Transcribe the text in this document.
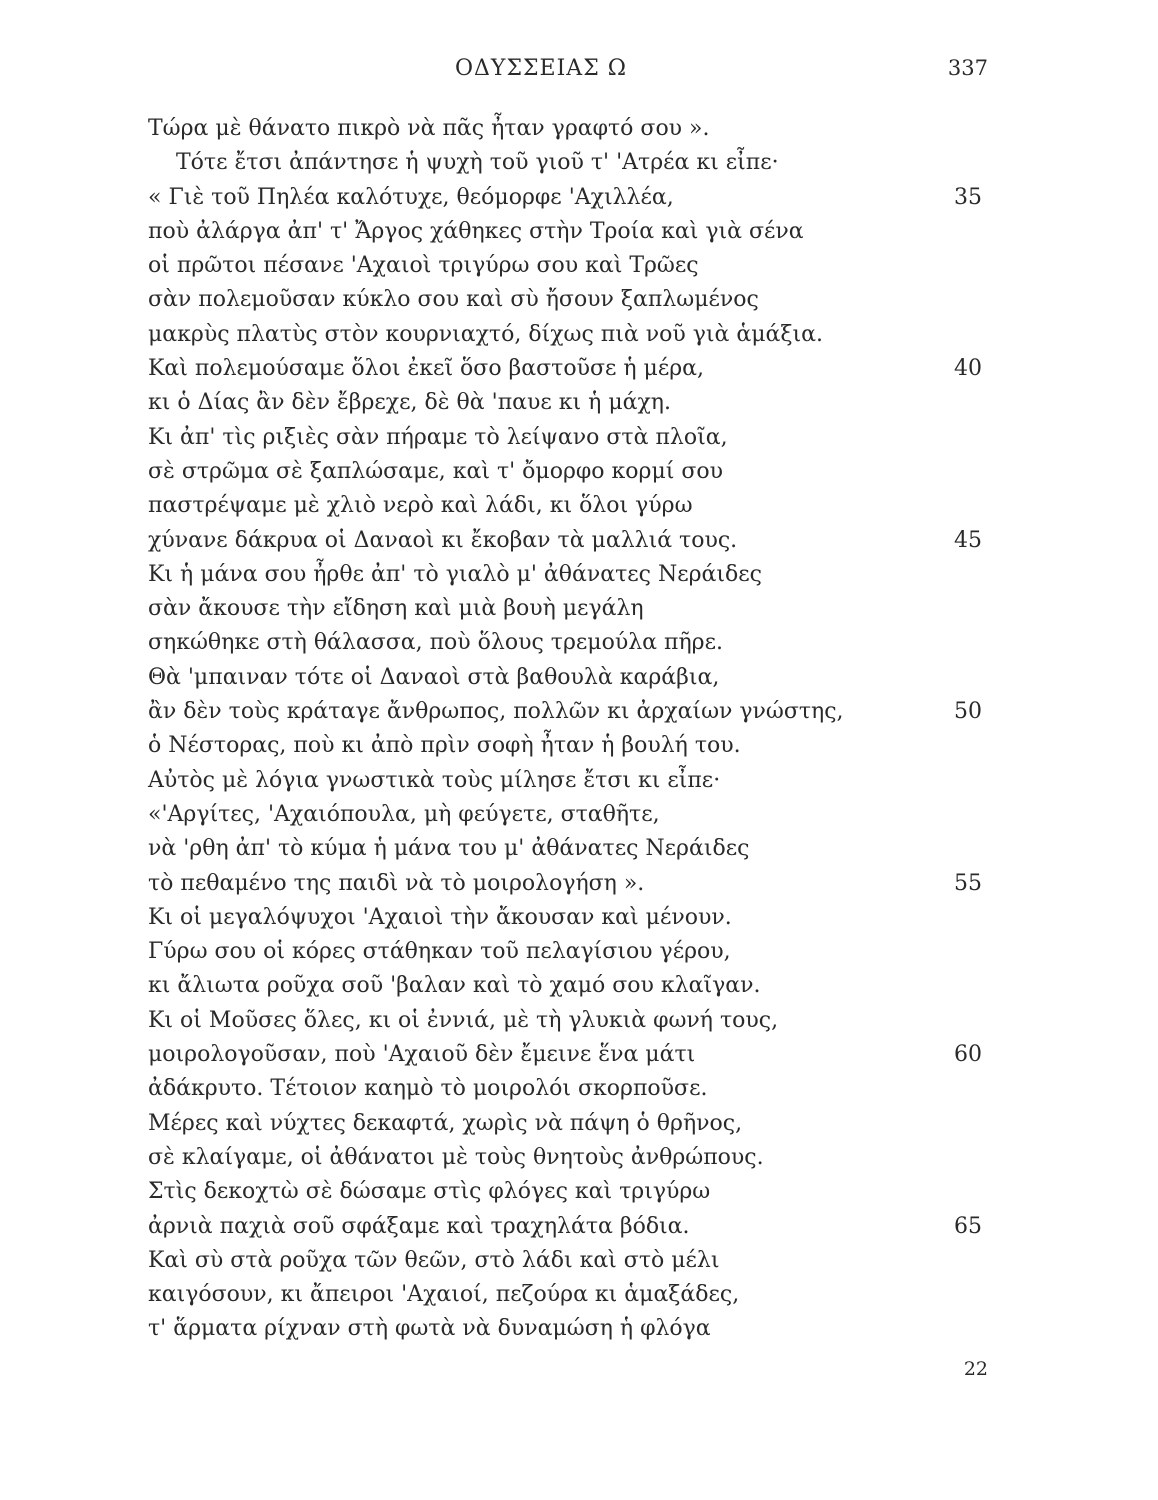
ΟΔΥΣΣΕΙΑΣ Ω	337
Τώρα μὲ θάνατο πικρὸ νὰ πᾶς ἦταν γραφτό σου ».
Τότε ἔτσι ἀπάντησε ἡ ψυχὴ τοῦ γιοῦ τ' 'Ατρέα κι εἶπε·
« Γιὲ τοῦ Πηλέα καλότυχε, θεόμορφε 'Αχιλλέα,	35
ποὺ ἀλάργα ἀπ' τ' Ἄργος χάθηκες στὴν Τροία καὶ γιὰ σένα
οἱ πρῶτοι πέσανε 'Αχαιοὶ τριγύρω σου καὶ Τρῶες
σὰν πολεμοῦσαν κύκλο σου καὶ σὺ ἤσουν ξαπλωμένος
μακρὺς πλατὺς στὸν κουρνιαχτό, δίχως πιὰ νοῦ γιὰ ἁμάξια.
Καὶ πολεμούσαμε ὅλοι ἐκεῖ ὅσο βαστοῦσε ἡ μέρα,	40
κι ὁ Δίας ἂν δὲν ἔβρεχε, δὲ θὰ 'παυε κι ἡ μάχη.
Κι ἀπ' τὶς ριξιὲς σὰν πήραμε τὸ λείψανο στὰ πλοῖα,
σὲ στρῶμα σὲ ξαπλώσαμε, καὶ τ' ὄμορφο κορμί σου
παστρέψαμε μὲ χλιὸ νερὸ καὶ λάδι, κι ὅλοι γύρω
χύνανε δάκρυα οἱ Δαναοὶ κι ἔκοβαν τὰ μαλλιά τους.	45
Κι ἡ μάνα σου ἦρθε ἀπ' τὸ γιαλὸ μ' ἀθάνατες Νεράιδες
σὰν ἄκουσε τὴν εἴδηση καὶ μιὰ βουὴ μεγάλη
σηκώθηκε στὴ θάλασσα, ποὺ ὅλους τρεμούλα πῆρε.
Θὰ 'μπαιναν τότε οἱ Δαναοὶ στὰ βαθουλὰ καράβια,
ἂν δὲν τοὺς κράταγε ἄνθρωπος, πολλῶν κι ἀρχαίων γνώστης,	50
ὁ Νέστορας, ποὺ κι ἀπὸ πρὶν σοφὴ ἦταν ἡ βουλή του.
Αὐτὸς μὲ λόγια γνωστικὰ τοὺς μίλησε ἔτσι κι εἶπε·
«'Αργίτες, 'Αχαιόπουλα, μὴ φεύγετε, σταθῆτε,
νὰ 'ρθη ἀπ' τὸ κύμα ἡ μάνα του μ' ἀθάνατες Νεράιδες
τὸ πεθαμένο της παιδὶ νὰ τὸ μοιρολογήση ».	55
Κι οἱ μεγαλόψυχοι 'Αχαιοὶ τὴν ἄκουσαν καὶ μένουν.
Γύρω σου οἱ κόρες στάθηκαν τοῦ πελαγίσιου γέρου,
κι ἄλιωτα ροῦχα σοῦ 'βαλαν καὶ τὸ χαμό σου κλαῖγαν.
Κι οἱ Μοῦσες ὅλες, κι οἱ ἐννιά, μὲ τὴ γλυκιὰ φωνή τους,
μοιρολογοῦσαν, ποὺ 'Αχαιοῦ δὲν ἔμεινε ἕνα μάτι	60
ἀδάκρυτο. Τέτοιον καημὸ τὸ μοιρολόι σκορποῦσε.
Μέρες καὶ νύχτες δεκαφτά, χωρὶς νὰ πάψη ὁ θρῆνος,
σὲ κλαίγαμε, οἱ ἀθάνατοι μὲ τοὺς θνητοὺς ἀνθρώπους.
Στὶς δεκοχτὼ σὲ δώσαμε στὶς φλόγες καὶ τριγύρω
ἀρνιὰ παχιὰ σοῦ σφάξαμε καὶ τραχηλάτα βόδια.	65
Καὶ σὺ στὰ ροῦχα τῶν θεῶν, στὸ λάδι καὶ στὸ μέλι
καιγόσουν, κι ἄπειροι 'Αχαιοί, πεζούρα κι ἁμαξάδες,
τ' ἅρματα ρίχναν στὴ φωτὰ νὰ δυναμώση ἡ φλόγα
22
